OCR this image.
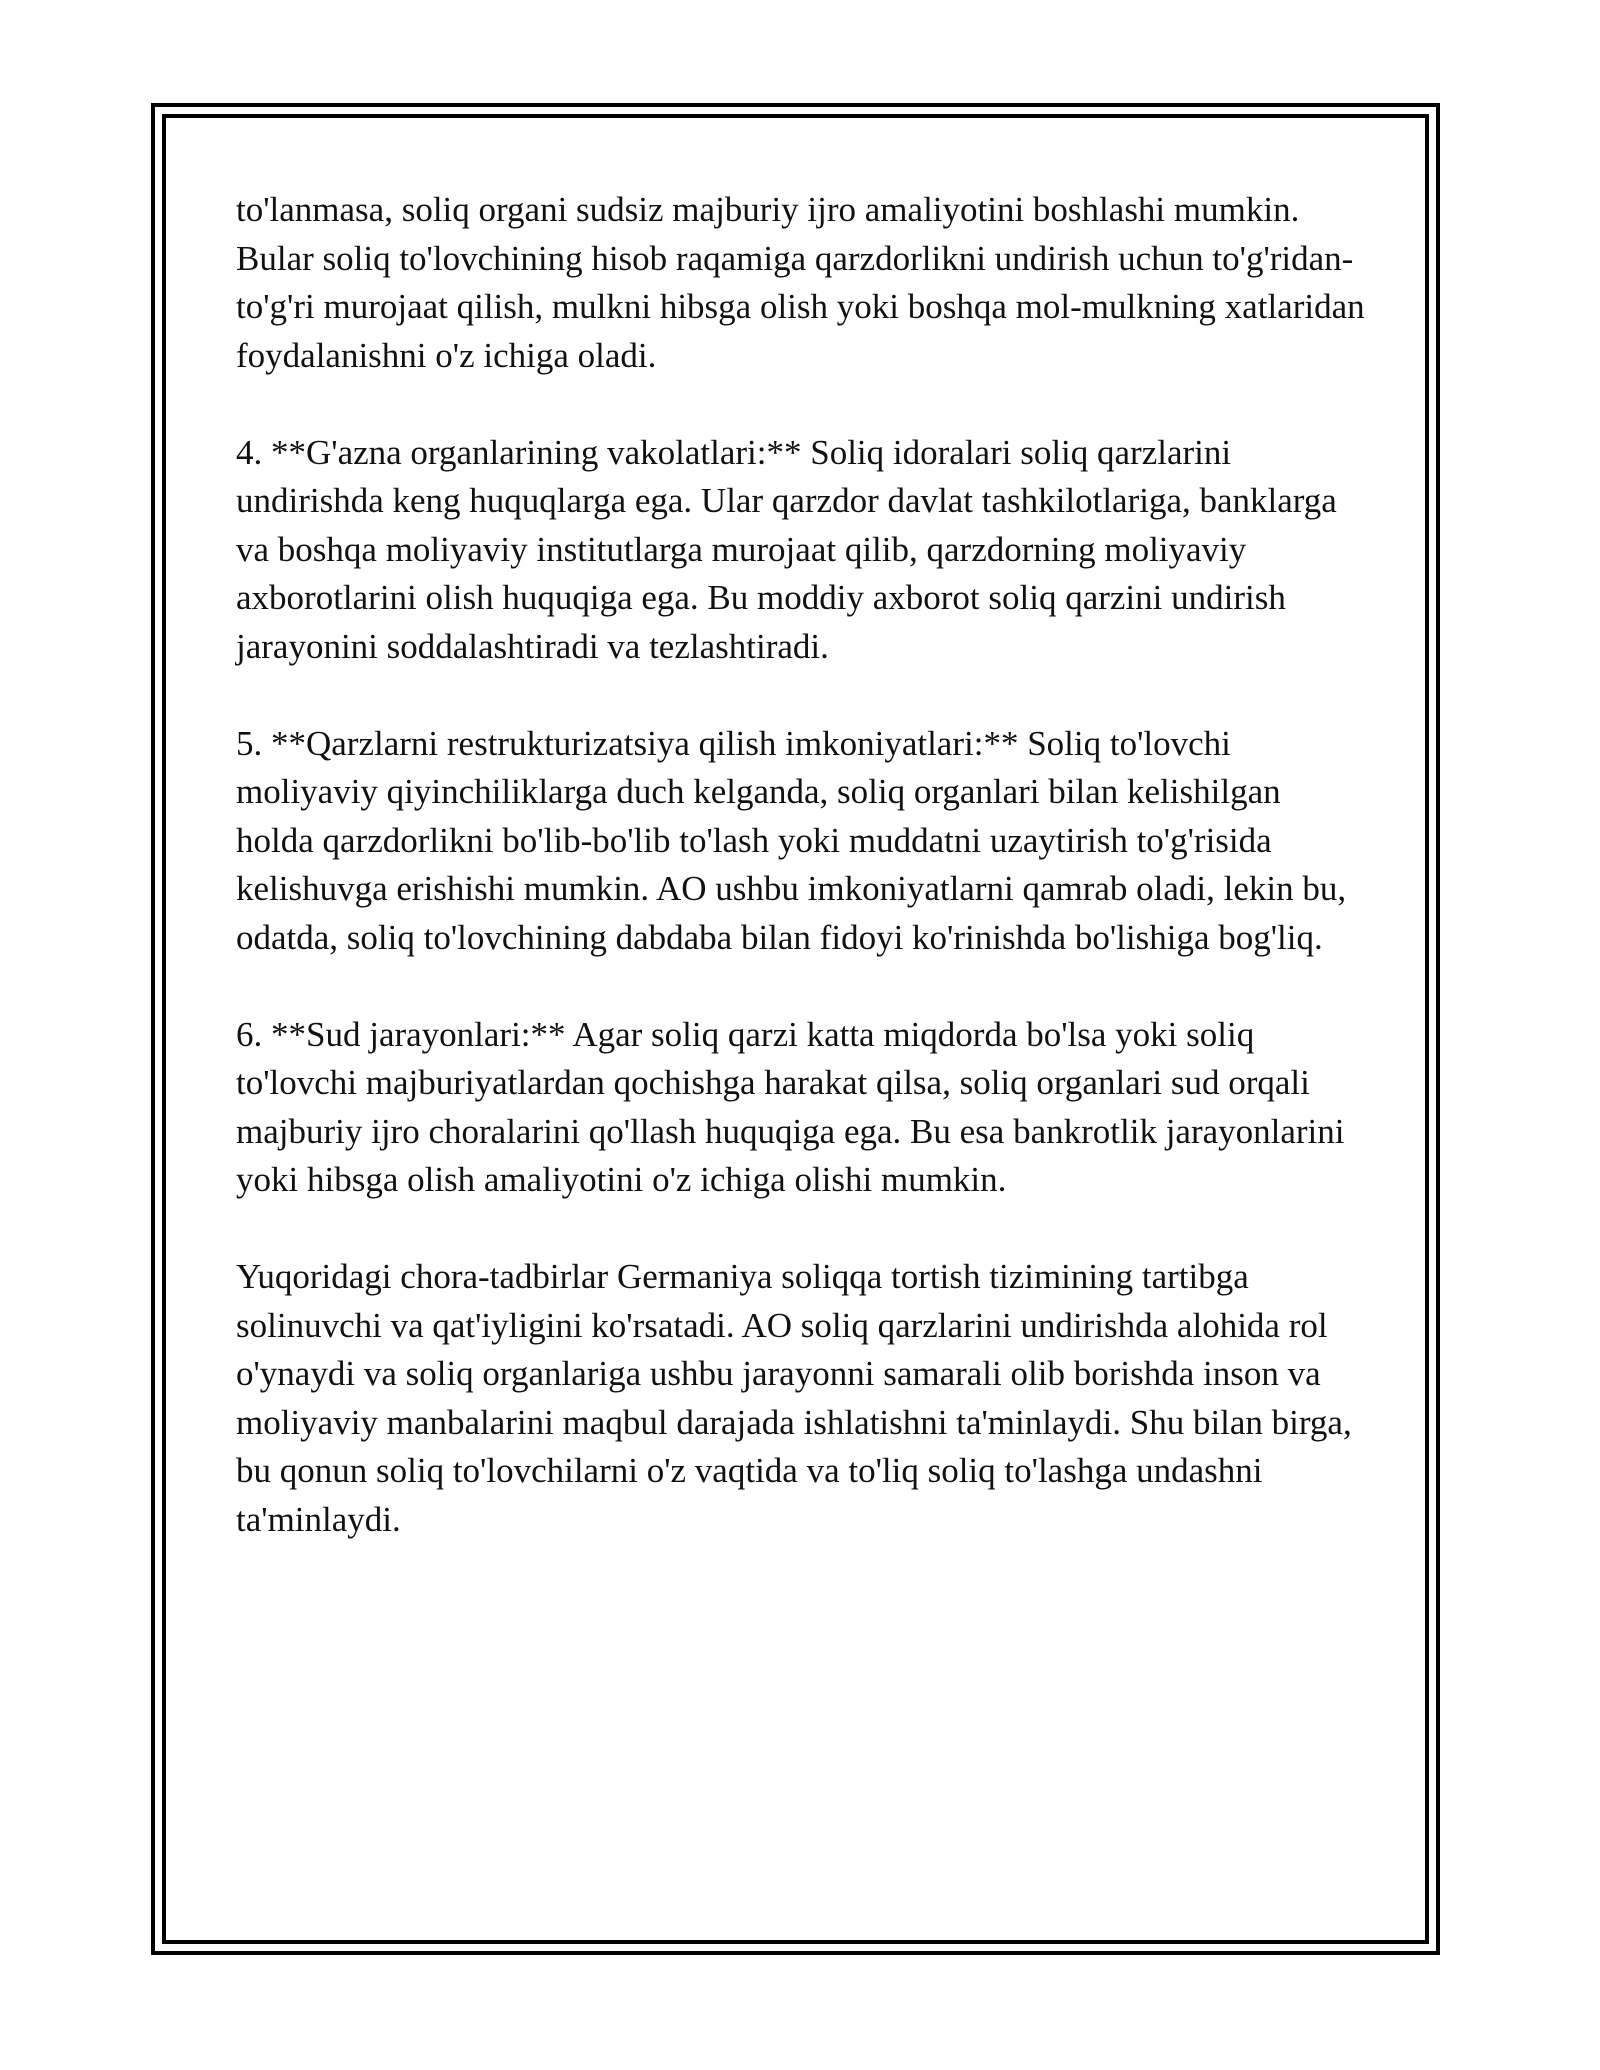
to'lanmasa, soliq organi sudsiz majburiy ijro amaliyotini boshlashi mumkin. Bular soliq to'lovchining hisob raqamiga qarzdorlikni undirish uchun to'g'ridan-to'g'ri murojaat qilish, mulkni hibsga olish yoki boshqa mol-mulkning xatlaridan foydalanishni o'z ichiga oladi.

4. **G'azna organlarining vakolatlari:** Soliq idoralari soliq qarzlarini undirishda keng huquqlarga ega. Ular qarzdor davlat tashkilotlariga, banklarga va boshqa moliyaviy institutlarga murojaat qilib, qarzdorning moliyaviy axborotlarini olish huquqiga ega. Bu moddiy axborot soliq qarzini undirish jarayonini soddalashtiradi va tezlashtiradi.

5. **Qarzlarni restrukturizatsiya qilish imkoniyatlari:** Soliq to'lovchi moliyaviy qiyinchiliklarga duch kelganda, soliq organlari bilan kelishilgan holda qarzdorlikni bo'lib-bo'lib to'lash yoki muddatni uzaytirish to'g'risida kelishuvga erishishi mumkin. AO ushbu imkoniyatlarni qamrab oladi, lekin bu, odatda, soliq to'lovchining dabdaba bilan fidoyi ko'rinishda bo'lishiga bog'liq.

6. **Sud jarayonlari:** Agar soliq qarzi katta miqdorda bo'lsa yoki soliq to'lovchi majburiyatlardan qochishga harakat qilsa, soliq organlari sud orqali majburiy ijro choralarini qo'llash huquqiga ega. Bu esa bankrotlik jarayonlarini yoki hibsga olish amaliyotini o'z ichiga olishi mumkin.

Yuqoridagi chora-tadbirlar Germaniya soliqqa tortish tizimining tartibga solinuvchi va qat'iyligini ko'rsatadi. AO soliq qarzlarini undirishda alohida rol o'ynaydi va soliq organlariga ushbu jarayonni samarali olib borishda inson va moliyaviy manbalarini maqbul darajada ishlatishni ta'minlaydi. Shu bilan birga, bu qonun soliq to'lovchilarni o'z vaqtida va to'liq soliq to'lashga undashni ta'minlaydi.
